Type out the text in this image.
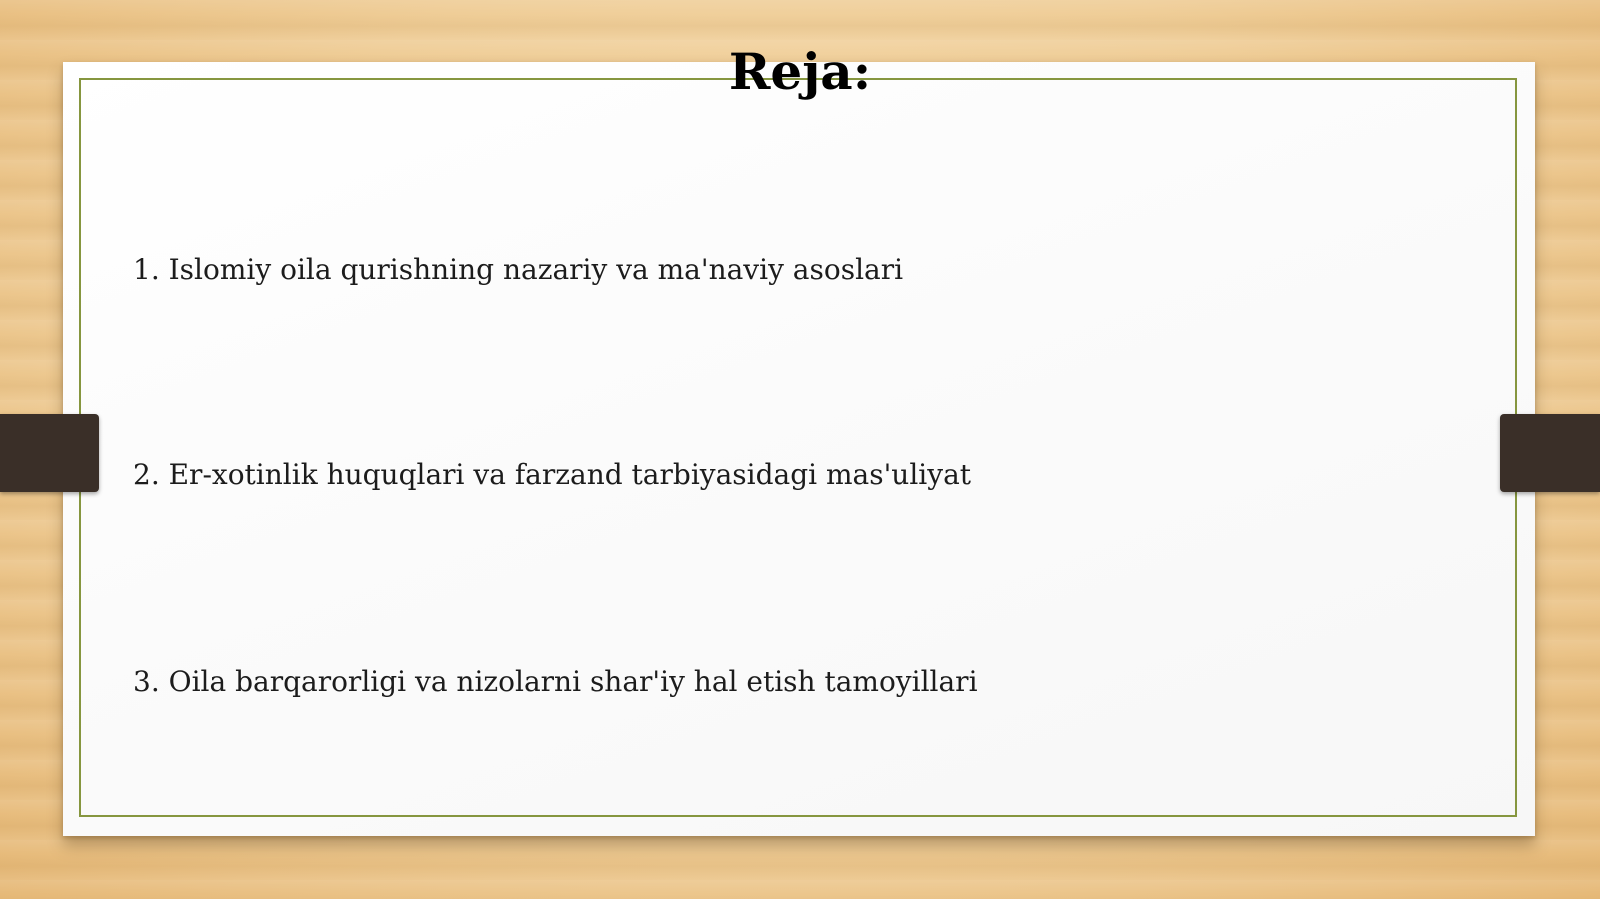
Reja:
1. Islomiy oila qurishning nazariy va ma'naviy asoslari
2. Er-xotinlik huquqlari va farzand tarbiyasidagi mas'uliyat
3. Oila barqarorligi va nizolarni shar'iy hal etish tamoyillari
